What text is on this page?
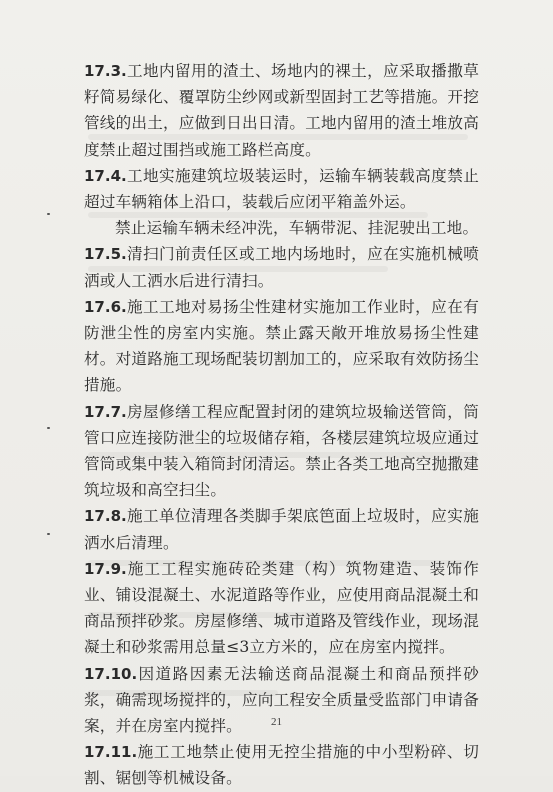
17.3.工地内留用的渣土、场地内的裸土，应采取播撒草籽简易绿化、覆罩防尘纱网或新型固封工艺等措施。开挖管线的出土，应做到日出日清。工地内留用的渣土堆放高度禁止超过围挡或施工路栏高度。

17.4.工地实施建筑垃圾装运时，运输车辆装载高度禁止超过车辆箱体上沿口，装载后应闭平箱盖外运。

禁止运输车辆未经冲洗，车辆带泥、挂泥驶出工地。

17.5.清扫门前责任区或工地内场地时，应在实施机械喷洒或人工洒水后进行清扫。

17.6.施工工地对易扬尘性建材实施加工作业时，应在有防泄尘性的房室内实施。禁止露天敞开堆放易扬尘性建材。对道路施工现场配装切割加工的，应采取有效防扬尘措施。

17.7.房屋修缮工程应配置封闭的建筑垃圾输送管筒，筒管口应连接防泄尘的垃圾储存箱，各楼层建筑垃圾应通过管筒或集中装入箱筒封闭清运。禁止各类工地高空抛撒建筑垃圾和高空扫尘。

17.8.施工单位清理各类脚手架底笆面上垃圾时，应实施洒水后清理。

17.9.施工工程实施砖砼类建（构）筑物建造、装饰作业、铺设混凝土、水泥道路等作业，应使用商品混凝土和商品预拌砂浆。房屋修缮、城市道路及管线作业，现场混凝土和砂浆需用总量≤3立方米的，应在房室内搅拌。

17.10.因道路因素无法输送商品混凝土和商品预拌砂浆，确需现场搅拌的，应向工程安全质量受监部门申请备案，并在房室内搅拌。

17.11.施工工地禁止使用无控尘措施的中小型粉碎、切割、锯刨等机械设备。

21
